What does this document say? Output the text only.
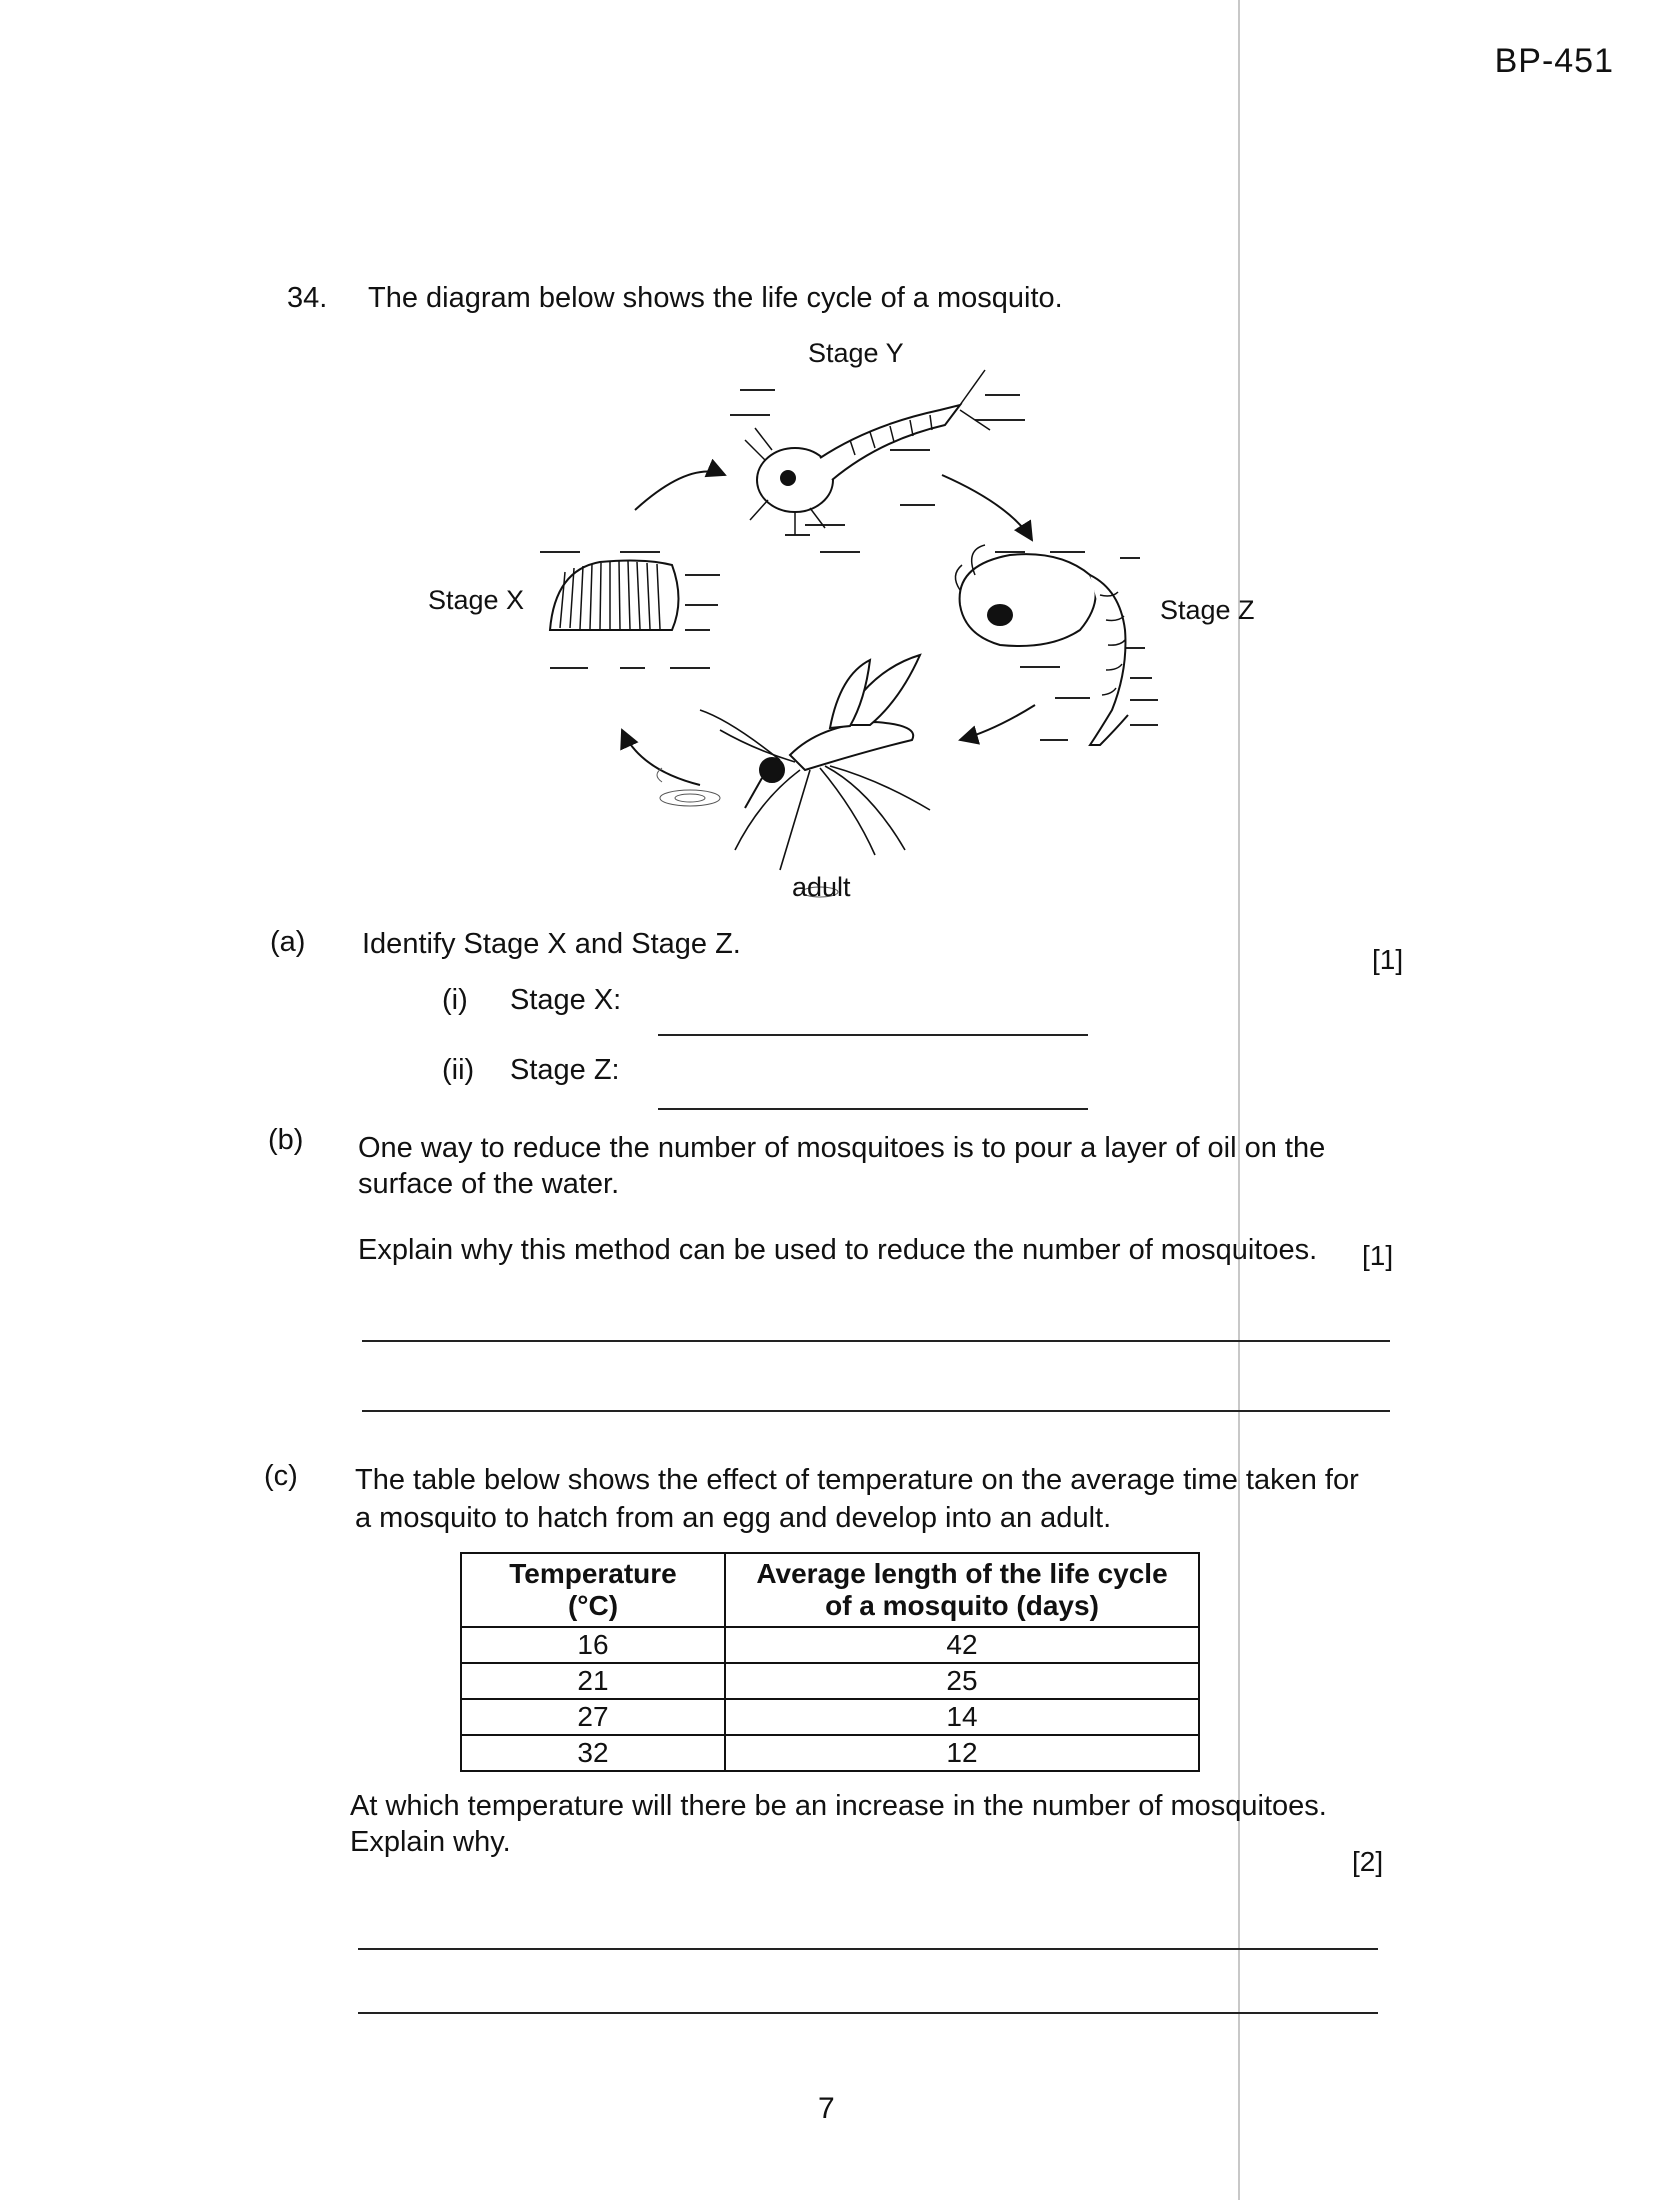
BP-451
34. The diagram below shows the life cycle of a mosquito.
Stage Y
Stage X	Stage Z
adult
(a) Identify Stage X and Stage Z.	[1]
(i) Stage X:
(ii) Stage Z:
(b) One way to reduce the number of mosquitoes is to pour a layer of oil on the
surface of the water.
Explain why this method can be used to reduce the number of mosquitoes. [1]
(c) The table below shows the effect of temperature on the average time taken for
a mosquito to hatch from an egg and develop into an adult.
Temperature
(°C)	Average length of the life cycle
of a mosquito (days)
16	42
21	25
27	14
32	12
At which temperature will there be an increase in the number of mosquitoes.
Explain why.
[2]
7
